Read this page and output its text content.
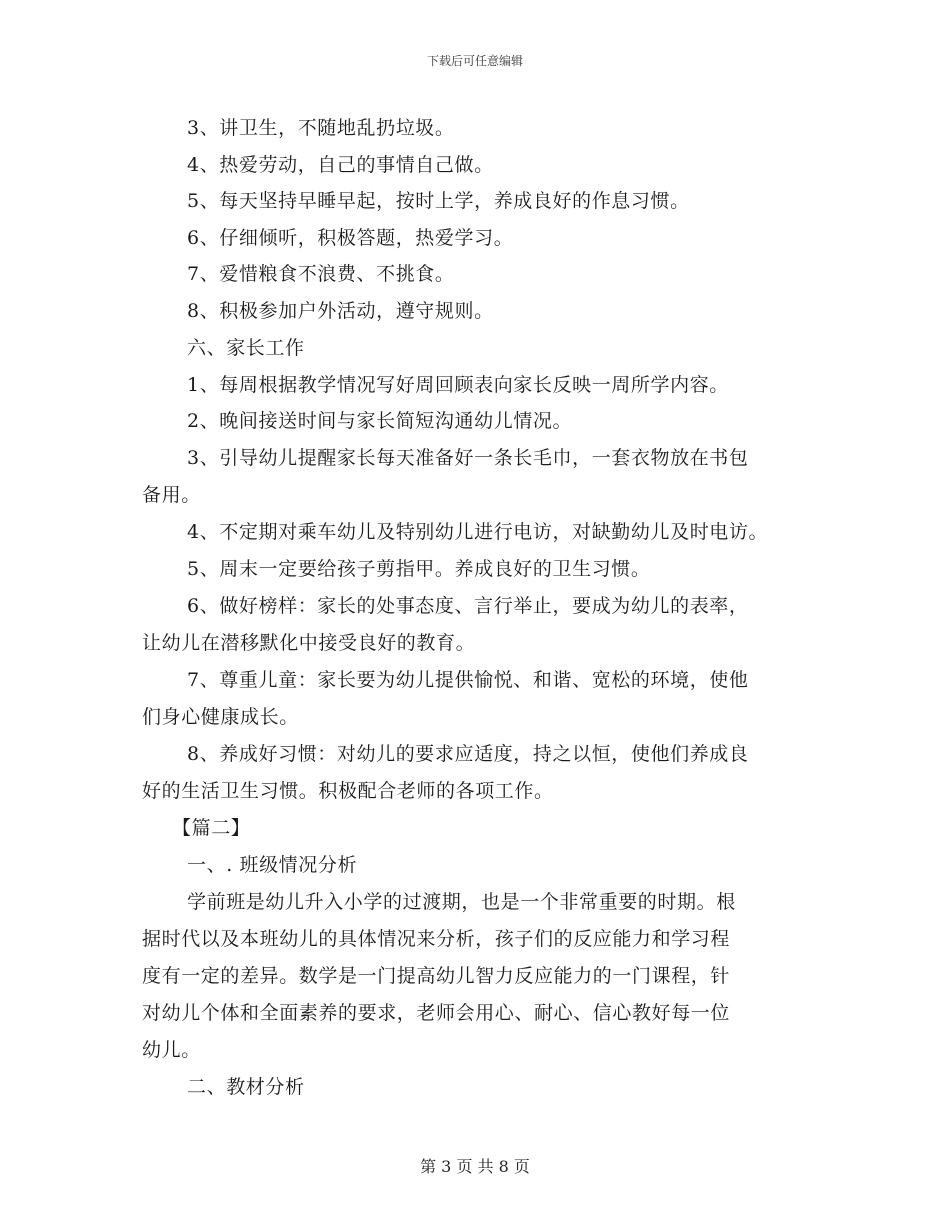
下载后可任意编辑
3、讲卫生，不随地乱扔垃圾。
4、热爱劳动，自己的事情自己做。
5、每天坚持早睡早起，按时上学，养成良好的作息习惯。
6、仔细倾听，积极答题，热爱学习。
7、爱惜粮食不浪费、不挑食。
8、积极参加户外活动，遵守规则。
六、家长工作
1、每周根据教学情况写好周回顾表向家长反映一周所学内容。
2、晚间接送时间与家长简短沟通幼儿情况。
3、引导幼儿提醒家长每天准备好一条长毛巾，一套衣物放在书包
备用。
4、不定期对乘车幼儿及特别幼儿进行电访，对缺勤幼儿及时电访。
5、周末一定要给孩子剪指甲。养成良好的卫生习惯。
6、做好榜样：家长的处事态度、言行举止，要成为幼儿的表率，
让幼儿在潜移默化中接受良好的教育。
7、尊重儿童：家长要为幼儿提供愉悦、和谐、宽松的环境，使他
们身心健康成长。
8、养成好习惯：对幼儿的要求应适度，持之以恒，使他们养成良
好的生活卫生习惯。积极配合老师的各项工作。
【篇二】
一、. 班级情况分析
学前班是幼儿升入小学的过渡期，也是一个非常重要的时期。根
据时代以及本班幼儿的具体情况来分析，孩子们的反应能力和学习程
度有一定的差异。数学是一门提高幼儿智力反应能力的一门课程，针
对幼儿个体和全面素养的要求，老师会用心、耐心、信心教好每一位
幼儿。
二、教材分析
第 3 页 共 8 页
